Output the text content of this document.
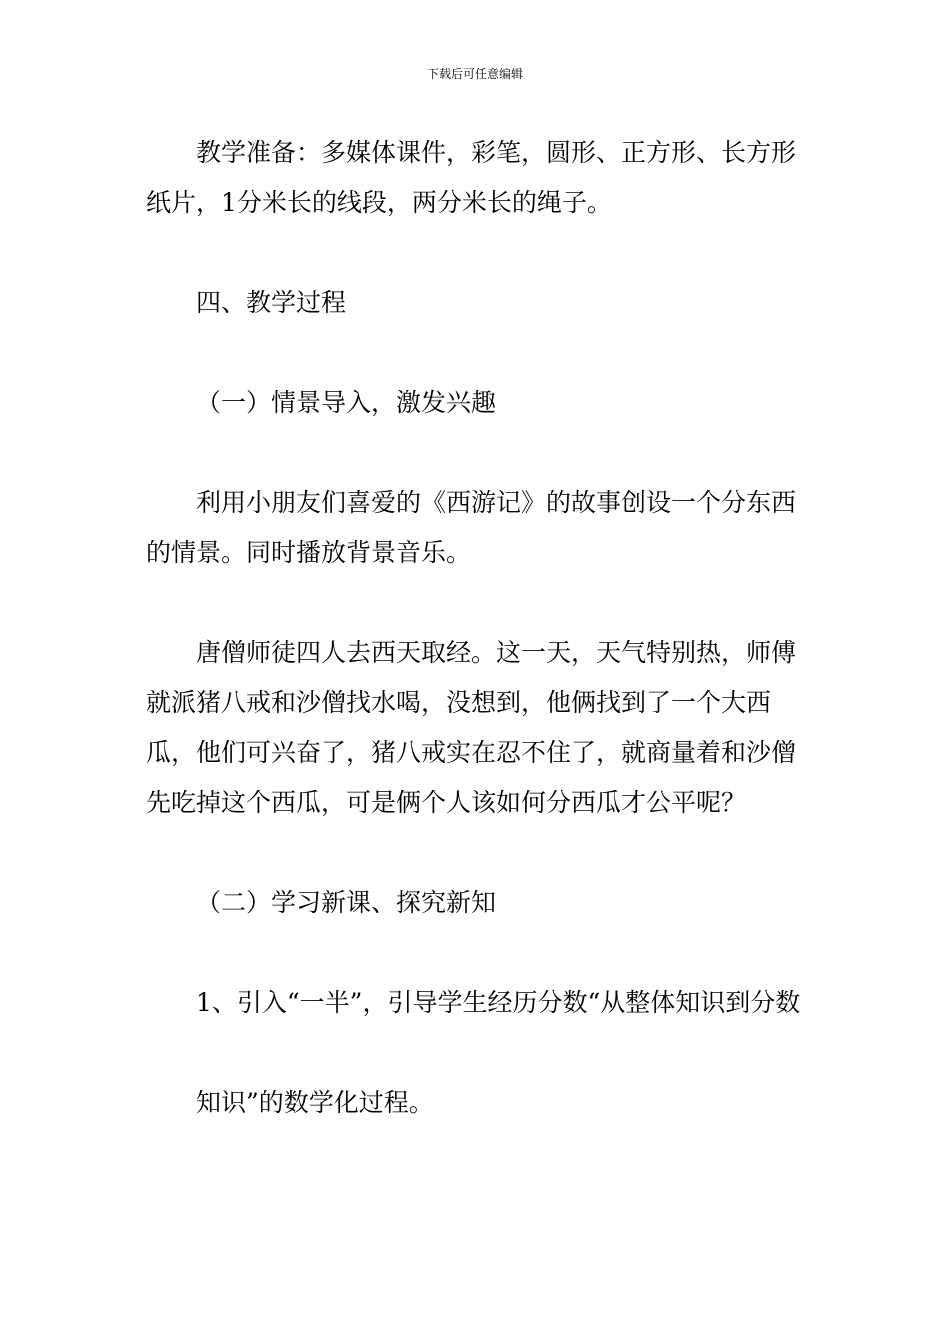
下载后可任意编辑

教学准备：多媒体课件，彩笔，圆形、正方形、长方形纸片，1分米长的线段，两分米长的绳子。

四、教学过程

（一）情景导入，激发兴趣

利用小朋友们喜爱的《西游记》的故事创设一个分东西的情景。同时播放背景音乐。

唐僧师徒四人去西天取经。这一天，天气特别热，师傅就派猪八戒和沙僧找水喝，没想到，他俩找到了一个大西瓜，他们可兴奋了，猪八戒实在忍不住了，就商量着和沙僧先吃掉这个西瓜，可是俩个人该如何分西瓜才公平呢？

（二）学习新课、探究新知

1、引入“一半”，引导学生经历分数“从整体知识到分数

知识”的数学化过程。
